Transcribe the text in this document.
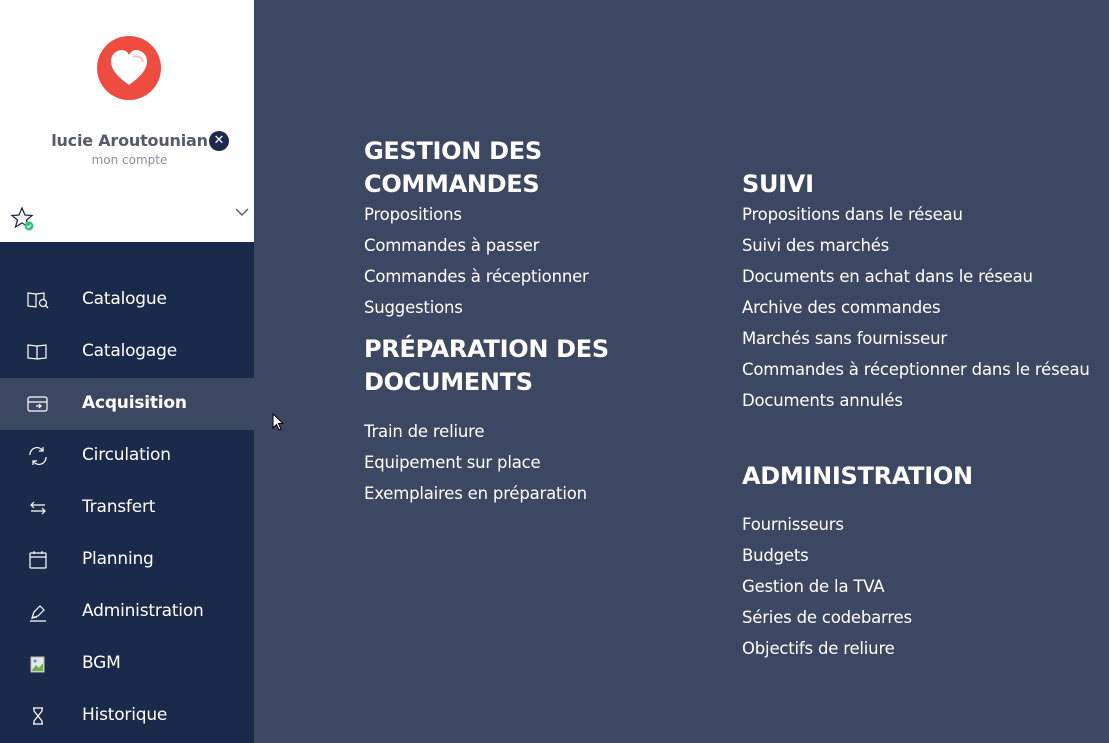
lucie Aroutounian ✕
mon compte
Catalogue
Catalogage
Acquisition
Circulation
Transfert
Planning
Administration
BGM
Historique
GESTION DES COMMANDES
Propositions
Commandes à passer
Commandes à réceptionner
Suggestions
PRÉPARATION DES DOCUMENTS
Train de reliure
Equipement sur place
Exemplaires en préparation
SUIVI
Propositions dans le réseau
Suivi des marchés
Documents en achat dans le réseau
Archive des commandes
Marchés sans fournisseur
Commandes à réceptionner dans le réseau
Documents annulés
ADMINISTRATION
Fournisseurs
Budgets
Gestion de la TVA
Séries de codebarres
Objectifs de reliure
